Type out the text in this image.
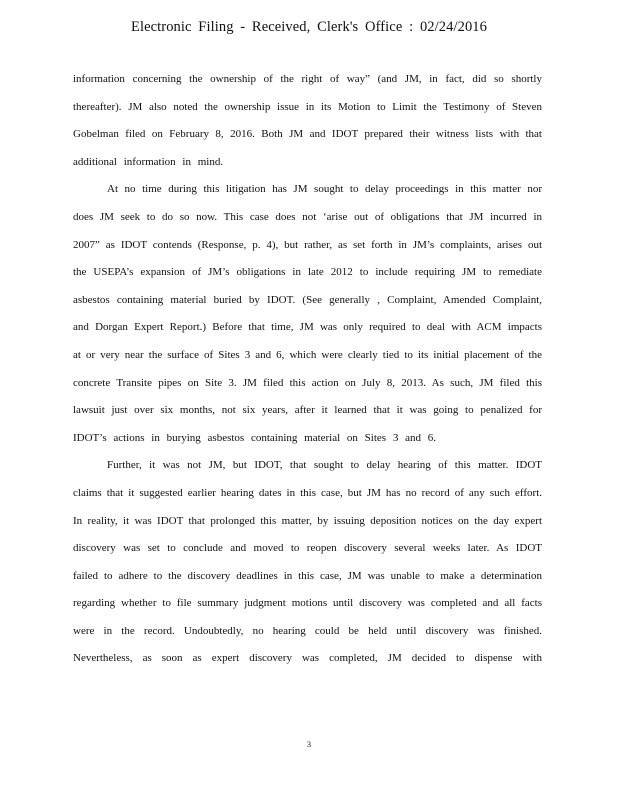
Electronic Filing - Received, Clerk's Office : 02/24/2016
information concerning the ownership of the right of way” (and JM, in fact, did so shortly
thereafter). JM also noted the ownership issue in its Motion to Limit the Testimony of Steven
Gobelman filed on February 8, 2016. Both JM and IDOT prepared their witness lists with that
additional information in mind.
At no time during this litigation has JM sought to delay proceedings in this matter nor
does JM seek to do so now. This case does not ‘arise out of obligations that JM incurred in
2007” as IDOT contends (Response, p. 4), but rather, as set forth in JM’s complaints, arises out
the USEPA’s expansion of JM’s obligations in late 2012 to include requiring JM to remediate
asbestos containing material buried by IDOT. (See generally , Complaint, Amended Complaint,
and Dorgan Expert Report.) Before that time, JM was only required to deal with ACM impacts
at or very near the surface of Sites 3 and 6, which were clearly tied to its initial placement of the
concrete Transite pipes on Site 3. JM filed this action on July 8, 2013. As such, JM filed this
lawsuit just over six months, not six years, after it learned that it was going to penalized for
IDOT’s actions in burying asbestos containing material on Sites 3 and 6.
Further, it was not JM, but IDOT, that sought to delay hearing of this matter. IDOT
claims that it suggested earlier hearing dates in this case, but JM has no record of any such effort.
In reality, it was IDOT that prolonged this matter, by issuing deposition notices on the day expert
discovery was set to conclude and moved to reopen discovery several weeks later. As IDOT
failed to adhere to the discovery deadlines in this case, JM was unable to make a determination
regarding whether to file summary judgment motions until discovery was completed and all facts
were in the record. Undoubtedly, no hearing could be held until discovery was finished.
Nevertheless, as soon as expert discovery was completed, JM decided to dispense with
3
